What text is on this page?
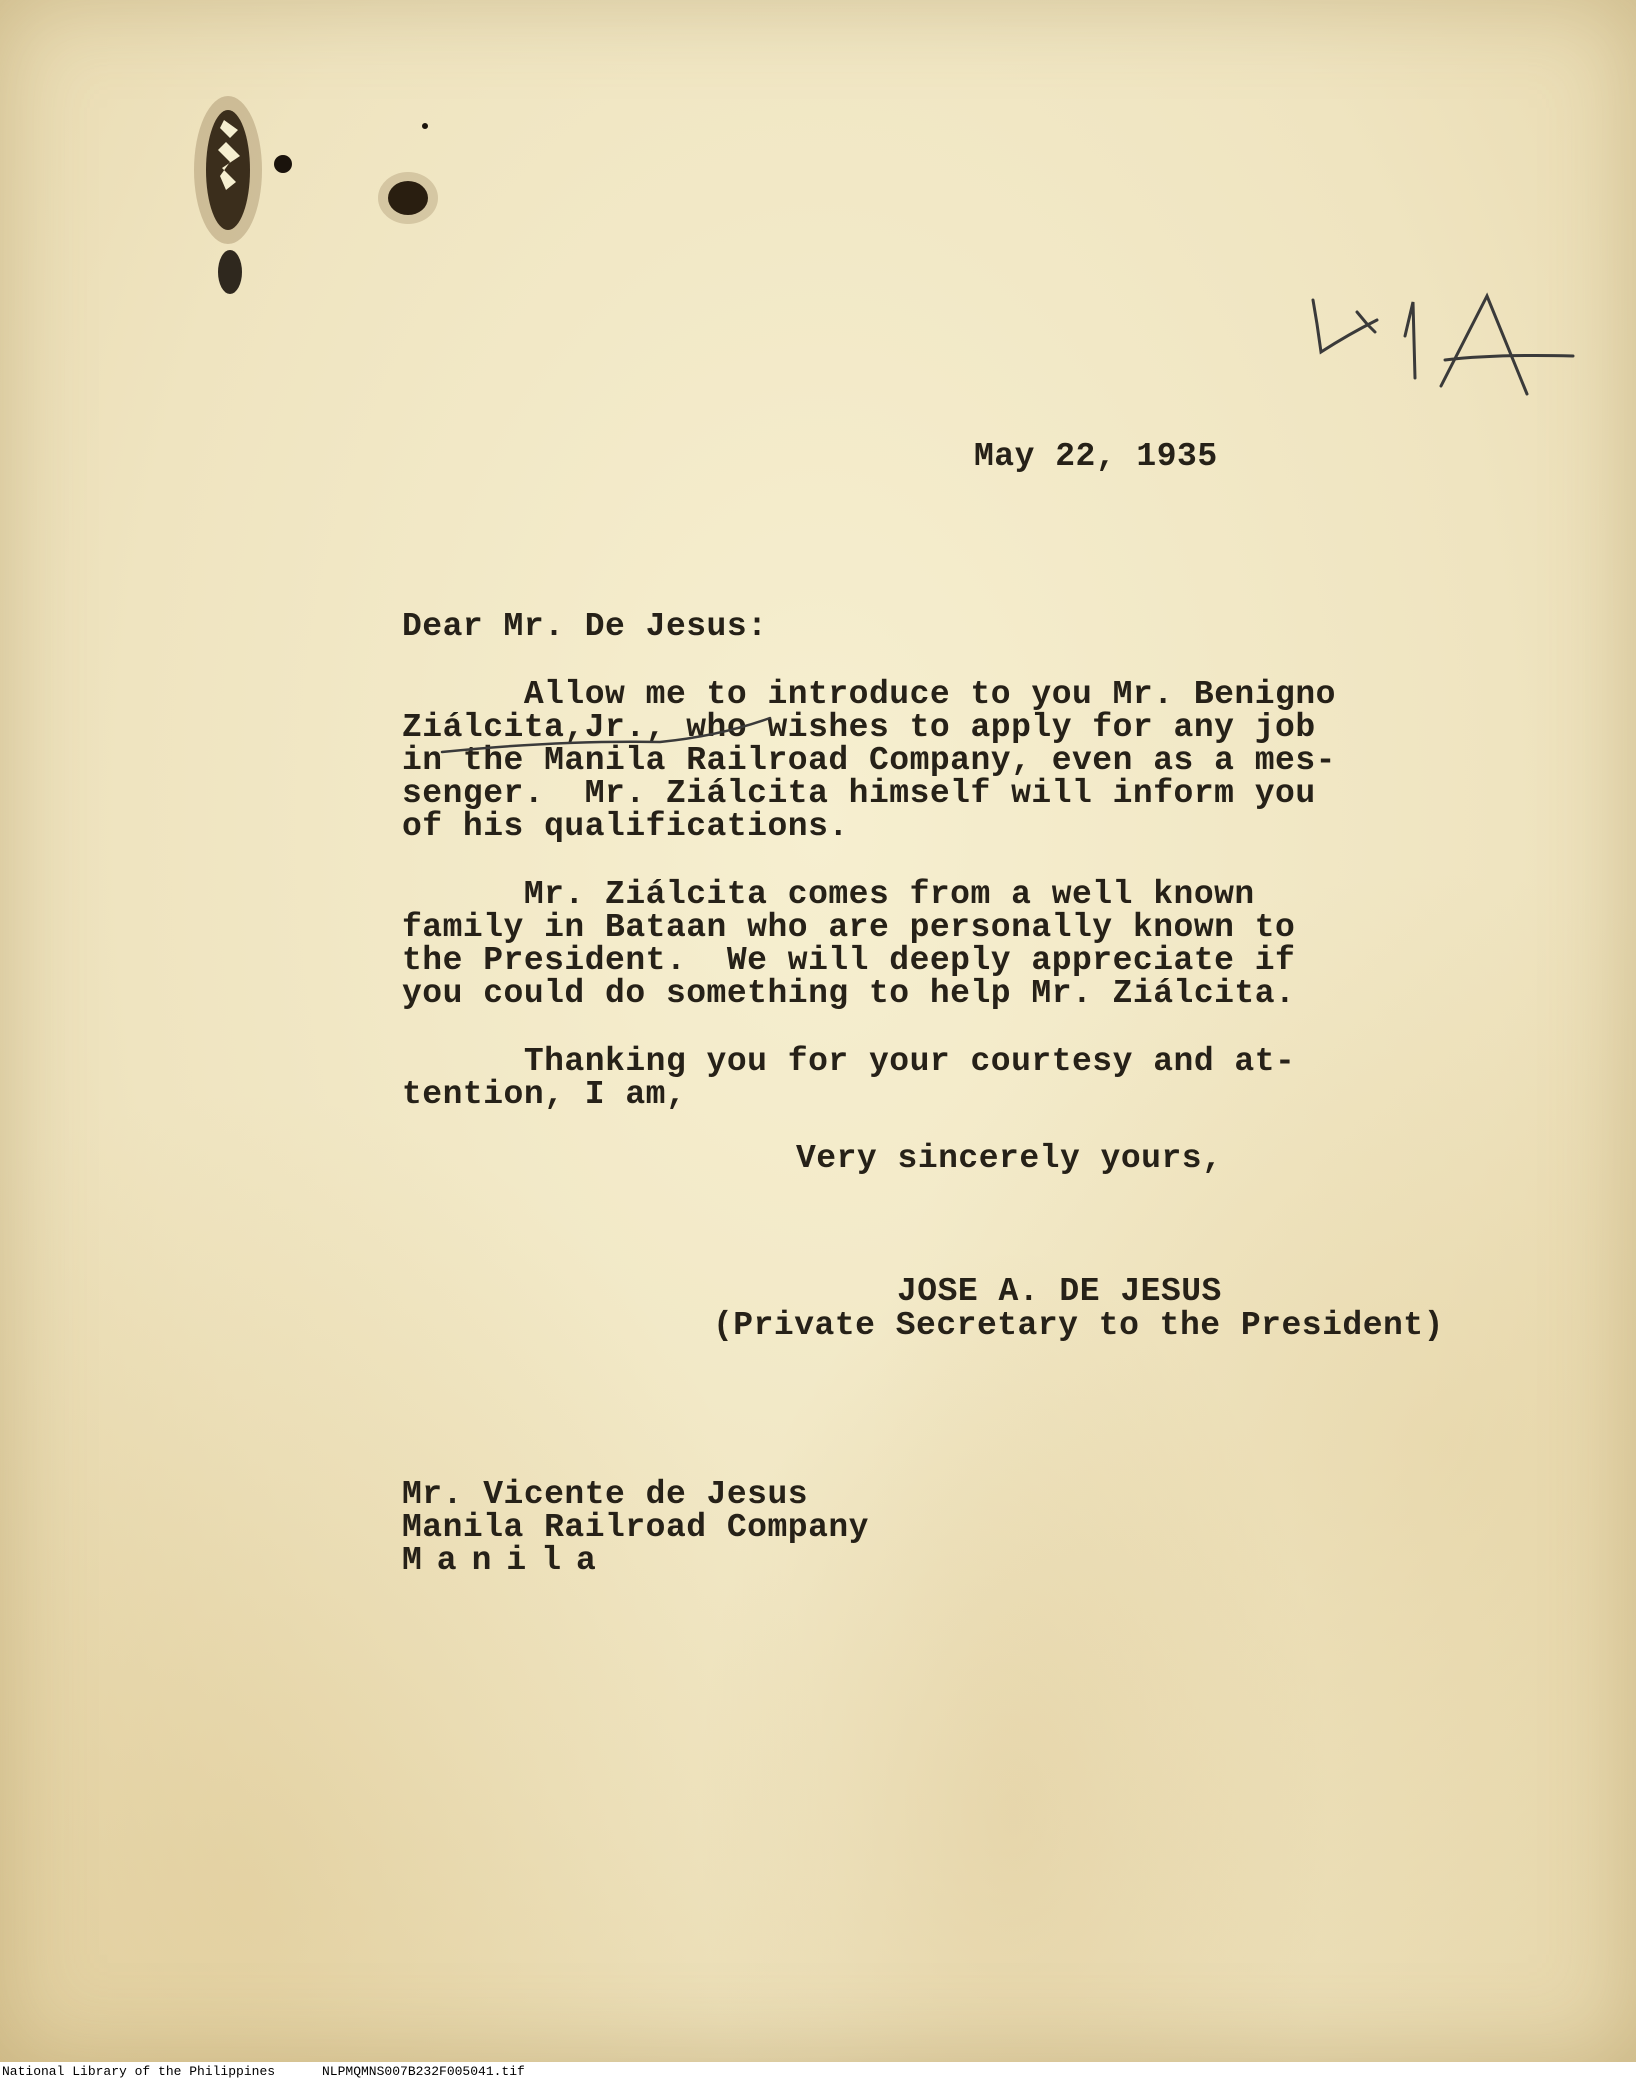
May 22, 1935
Dear Mr. De Jesus:
Allow me to introduce to you Mr. Benigno
Ziálcita,Jr., who wishes to apply for any job
in the Manila Railroad Company, even as a mes-
senger.  Mr. Ziálcita himself will inform you
of his qualifications.
Mr. Ziálcita comes from a well known
family in Bataan who are personally known to
the President.  We will deeply appreciate if
you could do something to help Mr. Ziálcita.
Thanking you for your courtesy and at-
tention, I am,
Very sincerely yours,
JOSE A. DE JESUS
(Private Secretary to the President)
Mr. Vicente de Jesus
Manila Railroad Company
Manila
National Library of the Philippines	NLPMQMNS007B232F005041.tif
